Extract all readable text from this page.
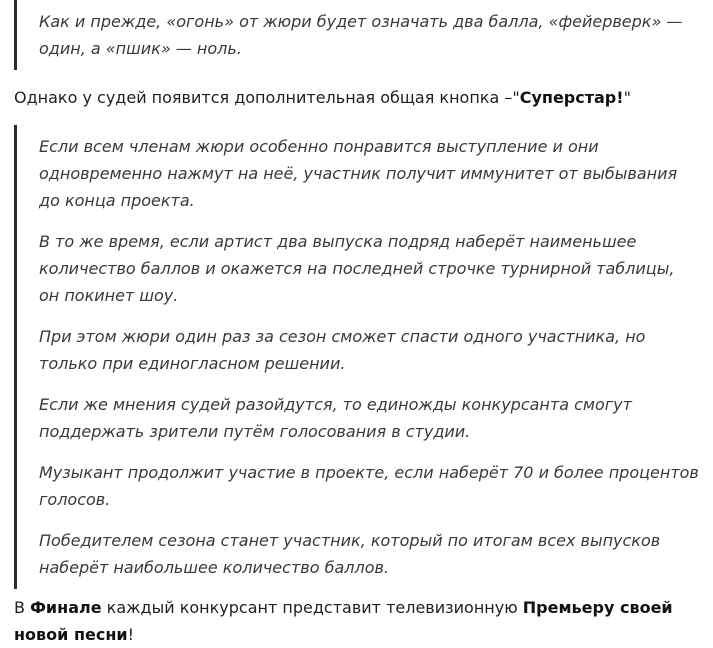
Как и прежде, «огонь» от жюри будет означать два балла, «фейерверк» — один, а «пшик» — ноль.

Однако у судей появится дополнительная общая кнопка –"Суперстар!"

Если всем членам жюри особенно понравится выступление и они одновременно нажмут на неё, участник получит иммунитет от выбывания до конца проекта.

В то же время, если артист два выпуска подряд наберёт наименьшее количество баллов и окажется на последней строчке турнирной таблицы, он покинет шоу.

При этом жюри один раз за сезон сможет спасти одного участника, но только при единогласном решении.

Если же мнения судей разойдутся, то единожды конкурсанта смогут поддержать зрители путём голосования в студии.

Музыкант продолжит участие в проекте, если наберёт 70 и более процентов голосов.

Победителем сезона станет участник, который по итогам всех выпусков наберёт наибольшее количество баллов.

В Финале каждый конкурсант представит телевизионную Премьеру своей новой песни!
